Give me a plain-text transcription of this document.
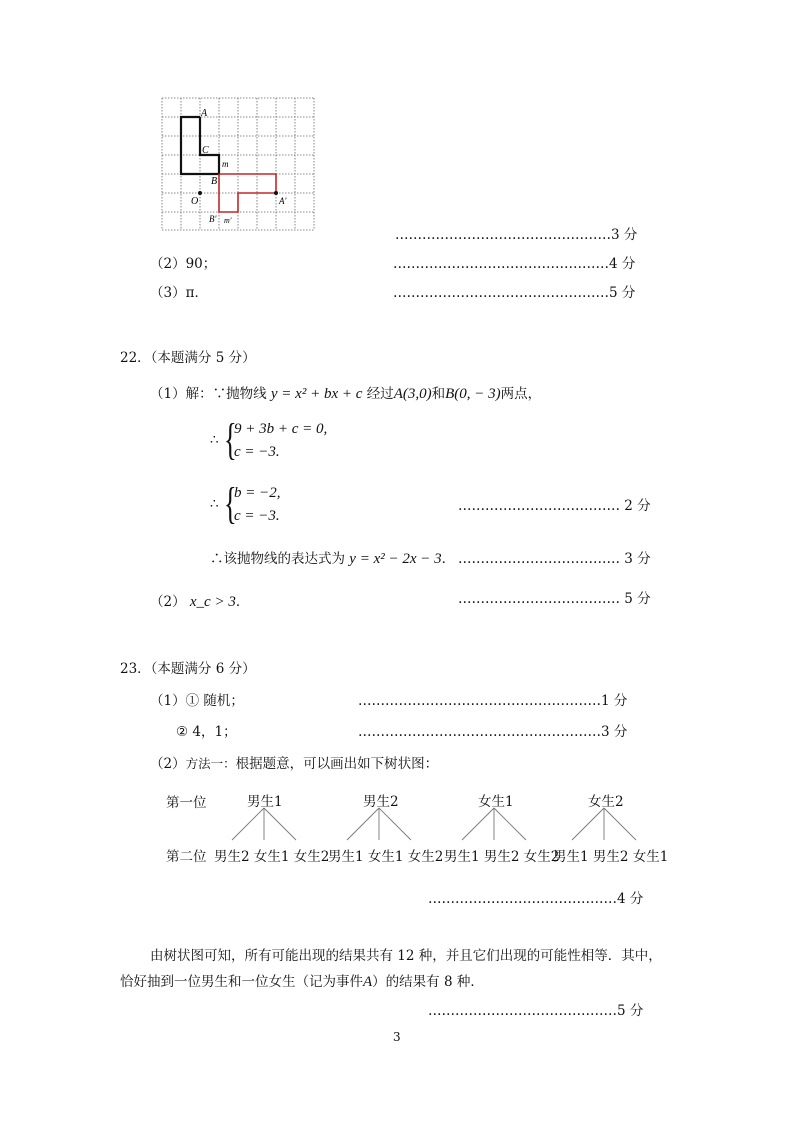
A
C
m
B
O	A'
B' m'
…………………………………………3 分
（2）90；	…………………………………………4 分
（3）π．	…………………………………………5 分
22．（本题满分 5 分）
（1）解：∵抛物线 y = x² + bx + c 经过A(3,0)和B(0, − 3)两点，
∴ {
9 + 3b + c = 0,
c = −3.
∴ {
b = −2,
c = −3.
……………………………… 2 分
∴该抛物线的表达式为 y = x² − 2x − 3． ……………………………… 3 分
（2） x_c > 3．	……………………………… 5 分
23．（本题满分 6 分）
（1）① 随机；	………………………………………………1 分
② 4，1；	………………………………………………3 分
（2）方法一：根据题意，可以画出如下树状图：
第一位
第二位
男生1	男生2	女生1	女生2
男生2 女生1 女生2
男生1 女生1 女生2 男生1 男生2 女生2
男生1 男生2 女生1
……………………………………4 分
由树状图可知，所有可能出现的结果共有 12 种，并且它们出现的可能性相等．其中，
恰好抽到一位男生和一位女生（记为事件A）的结果有 8 种．
……………………………………5 分
3
